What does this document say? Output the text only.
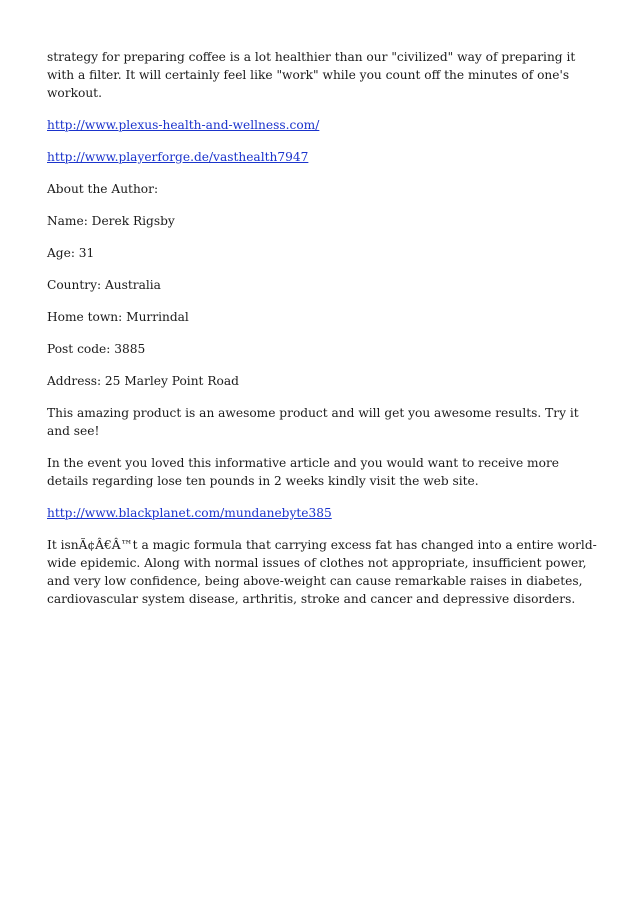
strategy for preparing coffee is a lot healthier than our "civilized" way of preparing it with a filter. It will certainly feel like "work" while you count off the minutes of one's workout.

http://www.plexus-health-and-wellness.com/

http://www.playerforge.de/vasthealth7947

About the Author:

Name: Derek Rigsby

Age: 31

Country: Australia

Home town: Murrindal

Post code: 3885

Address: 25 Marley Point Road

This amazing product is an awesome product and will get you awesome results. Try it and see!

In the event you loved this informative article and you would want to receive more details regarding lose ten pounds in 2 weeks kindly visit the web site.

http://www.blackplanet.com/mundanebyte385

It isnÃ¢Â€Â™t a magic formula that carrying excess fat has changed into a entire world-wide epidemic. Along with normal issues of clothes not appropriate, insufficient power, and very low confidence, being above-weight can cause remarkable raises in diabetes, cardiovascular system disease, arthritis, stroke and cancer and depressive disorders.
